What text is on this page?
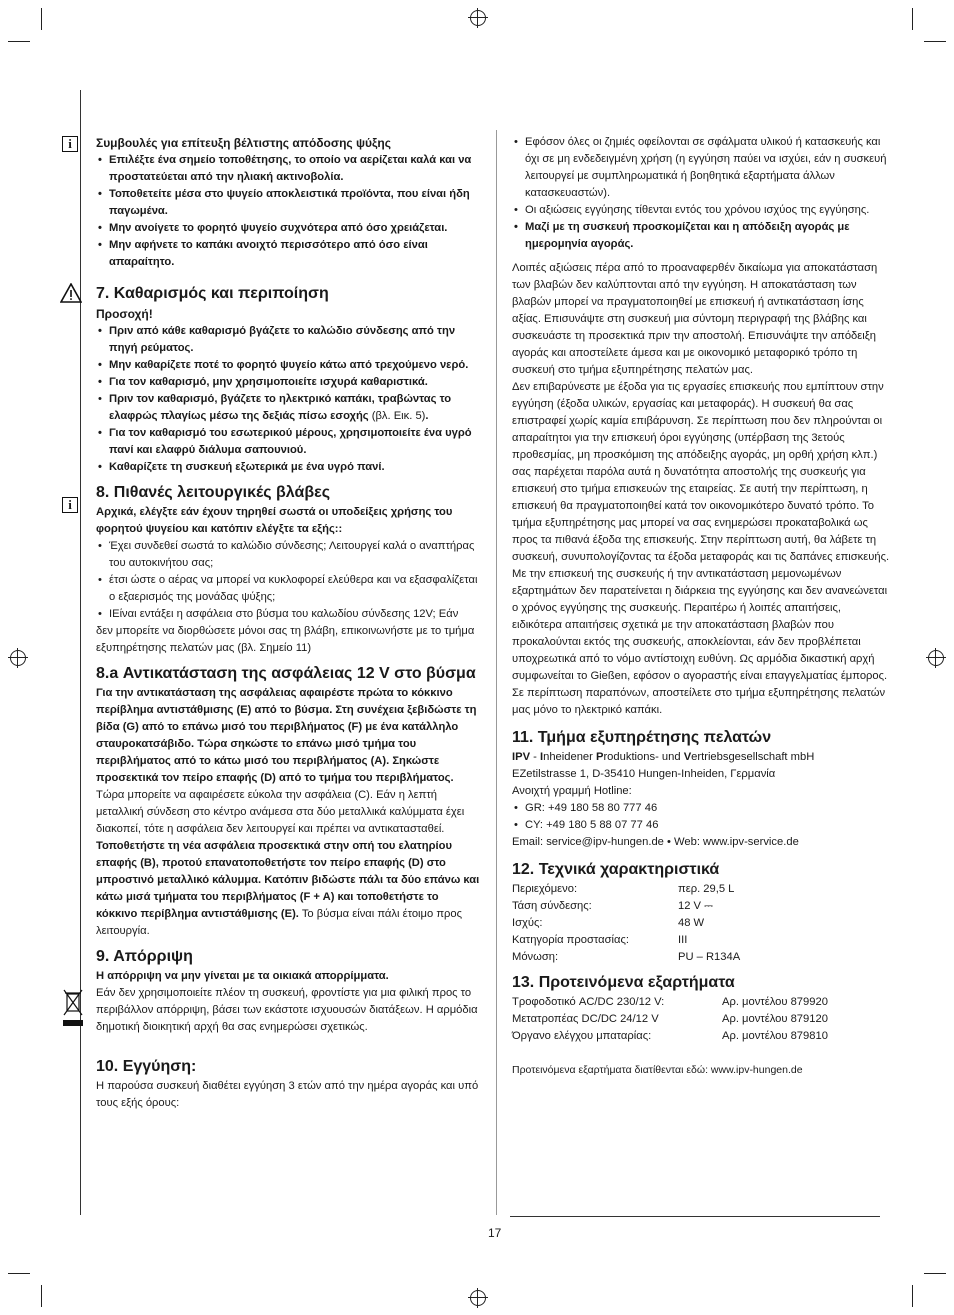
i
i
Συμβουλές για επίτευξη βέλτιστης απόδοσης ψύξης
• Επιλέξτε ένα σημείο τοποθέτησης, το οποίο να αερίζεται καλά και να προστατεύεται από την ηλιακή ακτινοβολία.
• Τοποθετείτε μέσα στο ψυγείο αποκλειστικά προϊόντα, που είναι ήδη παγωμένα.
• Μην ανοίγετε το φορητό ψυγείο συχνότερα από όσο χρειάζεται.
• Μην αφήνετε το καπάκι ανοιχτό περισσότερο από όσο είναι απαραίτητο.
7. Καθαρισμός και περιποίηση
Προσοχή!
• Πριν από κάθε καθαρισμό βγάζετε το καλώδιο σύνδεσης από την πηγή ρεύματος.
• Μην καθαρίζετε ποτέ το φορητό ψυγείο κάτω από τρεχούμενο νερό.
• Για τον καθαρισμό, μην χρησιμοποιείτε ισχυρά καθαριστικά.
• Πριν τον καθαρισμό, βγάζετε το ηλεκτρικό καπάκι, τραβώντας το ελαφρώς πλαγίως μέσω της δεξιάς πίσω εσοχής (βλ. Εικ. 5).
• Για τον καθαρισμό του εσωτερικού μέρους, χρησιμοποιείτε ένα υγρό πανί και ελαφρύ διάλυμα σαπουνιού.
• Καθαρίζετε τη συσκευή εξωτερικά με ένα υγρό πανί.
8. Πιθανές λειτουργικές βλάβες

Αρχικά, ελέγξτε εάν έχουν τηρηθεί σωστά οι υποδείξεις χρήσης του φορητού ψυγείου και κατόπιν ελέγξτε τα εξής::

• Έχει συνδεθεί σωστά το καλώδιο σύνδεσης; Λειτουργεί καλά ο αναπτήρας του αυτοκινήτου σας;
• έτσι ώστε ο αέρας να μπορεί να κυκλοφορεί ελεύθερα και να εξασφαλίζεται ο εξαερισμός της μονάδας ψύξης;
• ΙΕίναι εντάξει η ασφάλεια στο βύσμα του καλωδίου σύνδεσης 12V; Εάν

δεν μπορείτε να διορθώσετε μόνοι σας τη βλάβη, επικοινωνήστε με το τμήμα εξυπηρέτησης πελατών μας (βλ. Σημείο 11)

8.a Αντικατάσταση της ασφάλειας 12 V στο βύσμα

Για την αντικατάσταση της ασφάλειας αφαιρέστε πρώτα το κόκκινο περίβλημα αντιστάθμισης (E) από το βύσμα. Στη συνέχεια ξεβιδώστε τη βίδα (G) από το επάνω μισό του περιβλήματος (F) με ένα κατάλληλο σταυροκατσάβιδο. Τώρα σηκώστε το επάνω μισό τμήμα του περιβλήματος από το κάτω μισό του περιβλήματος (A). Σηκώστε προσεκτικά τον πείρο επαφής (D) από το τμήμα του περιβλήματος.

Τώρα μπορείτε να αφαιρέσετε εύκολα την ασφάλεια (C). Εάν η λεπτή μεταλλική σύνδεση στο κέντρο ανάμεσα στα δύο μεταλλικά καλύμματα έχει διακοπεί, τότε η ασφάλεια δεν λειτουργεί και πρέπει να αντικατασταθεί.

Τοποθετήστε τη νέα ασφάλεια προσεκτικά στην οπή του ελατηρίου επαφής (B), προτού επανατοποθετήστε τον πείρο επαφής (D) στο μπροστινό μεταλλικό κάλυμμα. Κατόπιν βιδώστε πάλι τα δύο επάνω και κάτω μισά τμήματα του περιβλήματος (F + A) και τοποθετήστε το κόκκινο περίβλημα αντιστάθμισης (E). Το βύσμα είναι πάλι έτοιμο προς λειτουργία.

9. Απόρριψη

Η απόρριψη να μην γίνεται με τα οικιακά απορρίμματα.

Εάν δεν χρησιμοποιείτε πλέον τη συσκευή, φροντίστε για μια φιλική προς το περιβάλλον απόρριψη, βάσει των εκάστοτε ισχυουσών διατάξεων. Η αρμόδια δημοτική διοικητική αρχή θα σας ενημερώσει σχετικώς.

10. Εγγύηση:

Η παρούσα συσκευή διαθέτει εγγύηση 3 ετών από την ημέρα αγοράς και υπό τους εξής όρους:

• Εφόσον όλες οι ζημιές οφείλονται σε σφάλματα υλικού ή κατασκευής και όχι σε μη ενδεδειγμένη χρήση (η εγγύηση παύει να ισχύει, εάν η συσκευή λειτουργεί με συμπληρωματικά ή βοηθητικά εξαρτήματα άλλων κατασκευαστών).
• Οι αξιώσεις εγγύησης τίθενται εντός του χρόνου ισχύος της εγγύησης.
• Μαζί με τη συσκευή προσκομίζεται και η απόδειξη αγοράς με ημερομηνία αγοράς.

Λοιπές αξιώσεις πέρα από το προαναφερθέν δικαίωμα για αποκατάσταση των βλαβών δεν καλύπτονται από την εγγύηση. Η αποκατάσταση των βλαβών μπορεί να πραγματοποιηθεί με επισκευή ή αντικατάσταση ίσης αξίας. Επισυνάψτε στη συσκευή μια σύντομη περιγραφή της βλάβης και συσκευάστε τη προσεκτικά πριν την αποστολή. Επισυνάψτε την απόδειξη αγοράς και αποστείλετε άμεσα και με οικονομικό μεταφορικό τρόπο τη συσκευή στο τμήμα εξυπηρέτησης πελατών μας.

Δεν επιβαρύνεστε με έξοδα για τις εργασίες επισκευής που εμπίπτουν στην εγγύηση (έξοδα υλικών, εργασίας και μεταφοράς). Η συσκευή θα σας επιστραφεί χωρίς καμία επιβάρυνση. Σε περίπτωση που δεν πληρούνται οι απαραίτητοι για την επισκευή όροι εγγύησης (υπέρβαση της 3ετούς προθεσμίας, μη προσκόμιση της απόδειξης αγοράς, μη ορθή χρήση κλπ.) σας παρέχεται παρόλα αυτά η δυνατότητα αποστολής της συσκευής για επισκευή στο τμήμα επισκευών της εταιρείας. Σε αυτή την περίπτωση, η επισκευή θα πραγματοποιηθεί κατά τον οικονομικότερο δυνατό τρόπο. Το τμήμα εξυπηρέτησης μας μπορεί να σας ενημερώσει προκαταβολικά ως προς τα πιθανά έξοδα της επισκευής. Στην περίπτωση αυτή, θα λάβετε τη συσκευή, συνυπολογίζοντας τα έξοδα μεταφοράς και τις δαπάνες επισκευής. Με την επισκευή της συσκευής ή την αντικατάσταση μεμονωμένων εξαρτημάτων δεν παρατείνεται η διάρκεια της εγγύησης και δεν ανανεώνεται ο χρόνος εγγύησης της συσκευής. Περαιτέρω ή λοιπές απαιτήσεις, ειδικότερα απαιτήσεις σχετικά με την αποκατάσταση βλαβών που προκαλούνται εκτός της συσκευής, αποκλείονται, εάν δεν προβλέπεται υποχρεωτικά από το νόμο αντίστοιχη ευθύνη. Ως αρμόδια δικαστική αρχή συμφωνείται το Gießen, εφόσον ο αγοραστής είναι επαγγελματίας έμπορος. Σε περίπτωση παραπόνων, αποστείλετε στο τμήμα εξυπηρέτησης πελατών μας μόνο το ηλεκτρικό καπάκι.

11. Τμήμα εξυπηρέτησης πελατών

IPV - Inheidener Produktions- und Vertriebsgesellschaft mbH

EZetilstrasse 1, D-35410 Hungen-Inheiden, Γερμανία

Ανοιχτή γραμμή Hotline:

• GR: +49 180 58 80 777 46
• CY: +49 180 5 88 07 77 46

Email: service@ipv-hungen.de • Web: www.ipv-service.de

12. Τεχνικά χαρακτηριστικά
Περιεχόμενο:	περ. 29,5 L
Τάση σύνδεσης:	12 V ⎓
Ισχύς:	48 W
Κατηγορία προστασίας:	III
Μόνωση:	PU – R134A
13. Προτεινόμενα εξαρτήματα
Τροφοδοτικό AC/DC 230/12 V:	Αρ. μοντέλου 879920
Μετατροπέας DC/DC 24/12 V	Αρ. μοντέλου 879120
Όργανο ελέγχου μπαταρίας:	Αρ. μοντέλου 879810

Προτεινόμενα εξαρτήματα διατίθενται εδώ: www.ipv-hungen.de

17
